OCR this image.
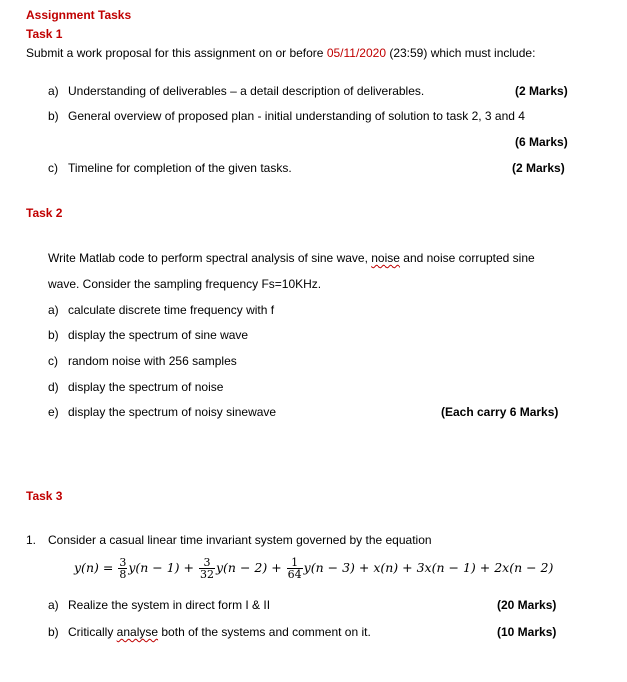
Assignment Tasks
Task 1
Submit a work proposal for this assignment on or before 05/11/2020 (23:59) which must include:
a) Understanding of deliverables – a detail description of deliverables.	(2 Marks)
b) General overview of proposed plan - initial understanding of solution to task 2, 3 and 4
(6 Marks)
c) Timeline for completion of the given tasks.	(2 Marks)
Task 2
Write Matlab code to perform spectral analysis of sine wave, noise and noise corrupted sine
wave. Consider the sampling frequency Fs=10KHz.
a) calculate discrete time frequency with f
b) display the spectrum of sine wave
c) random noise with 256 samples
d) display the spectrum of noise
e) display the spectrum of noisy sinewave	(Each carry 6 Marks)
Task 3
1. Consider a casual linear time invariant system governed by the equation
$y(n) = \frac{3}{8} y(n - 1) + \frac{3}{32} y(n - 2) + \frac{1}{64} y(n - 3) + x(n) + 3x(n - 1) + 2x(n - 2)$
a) Realize the system in direct form I & II	(20 Marks)
b) Critically analyse both of the systems and comment on it.	(10 Marks)
